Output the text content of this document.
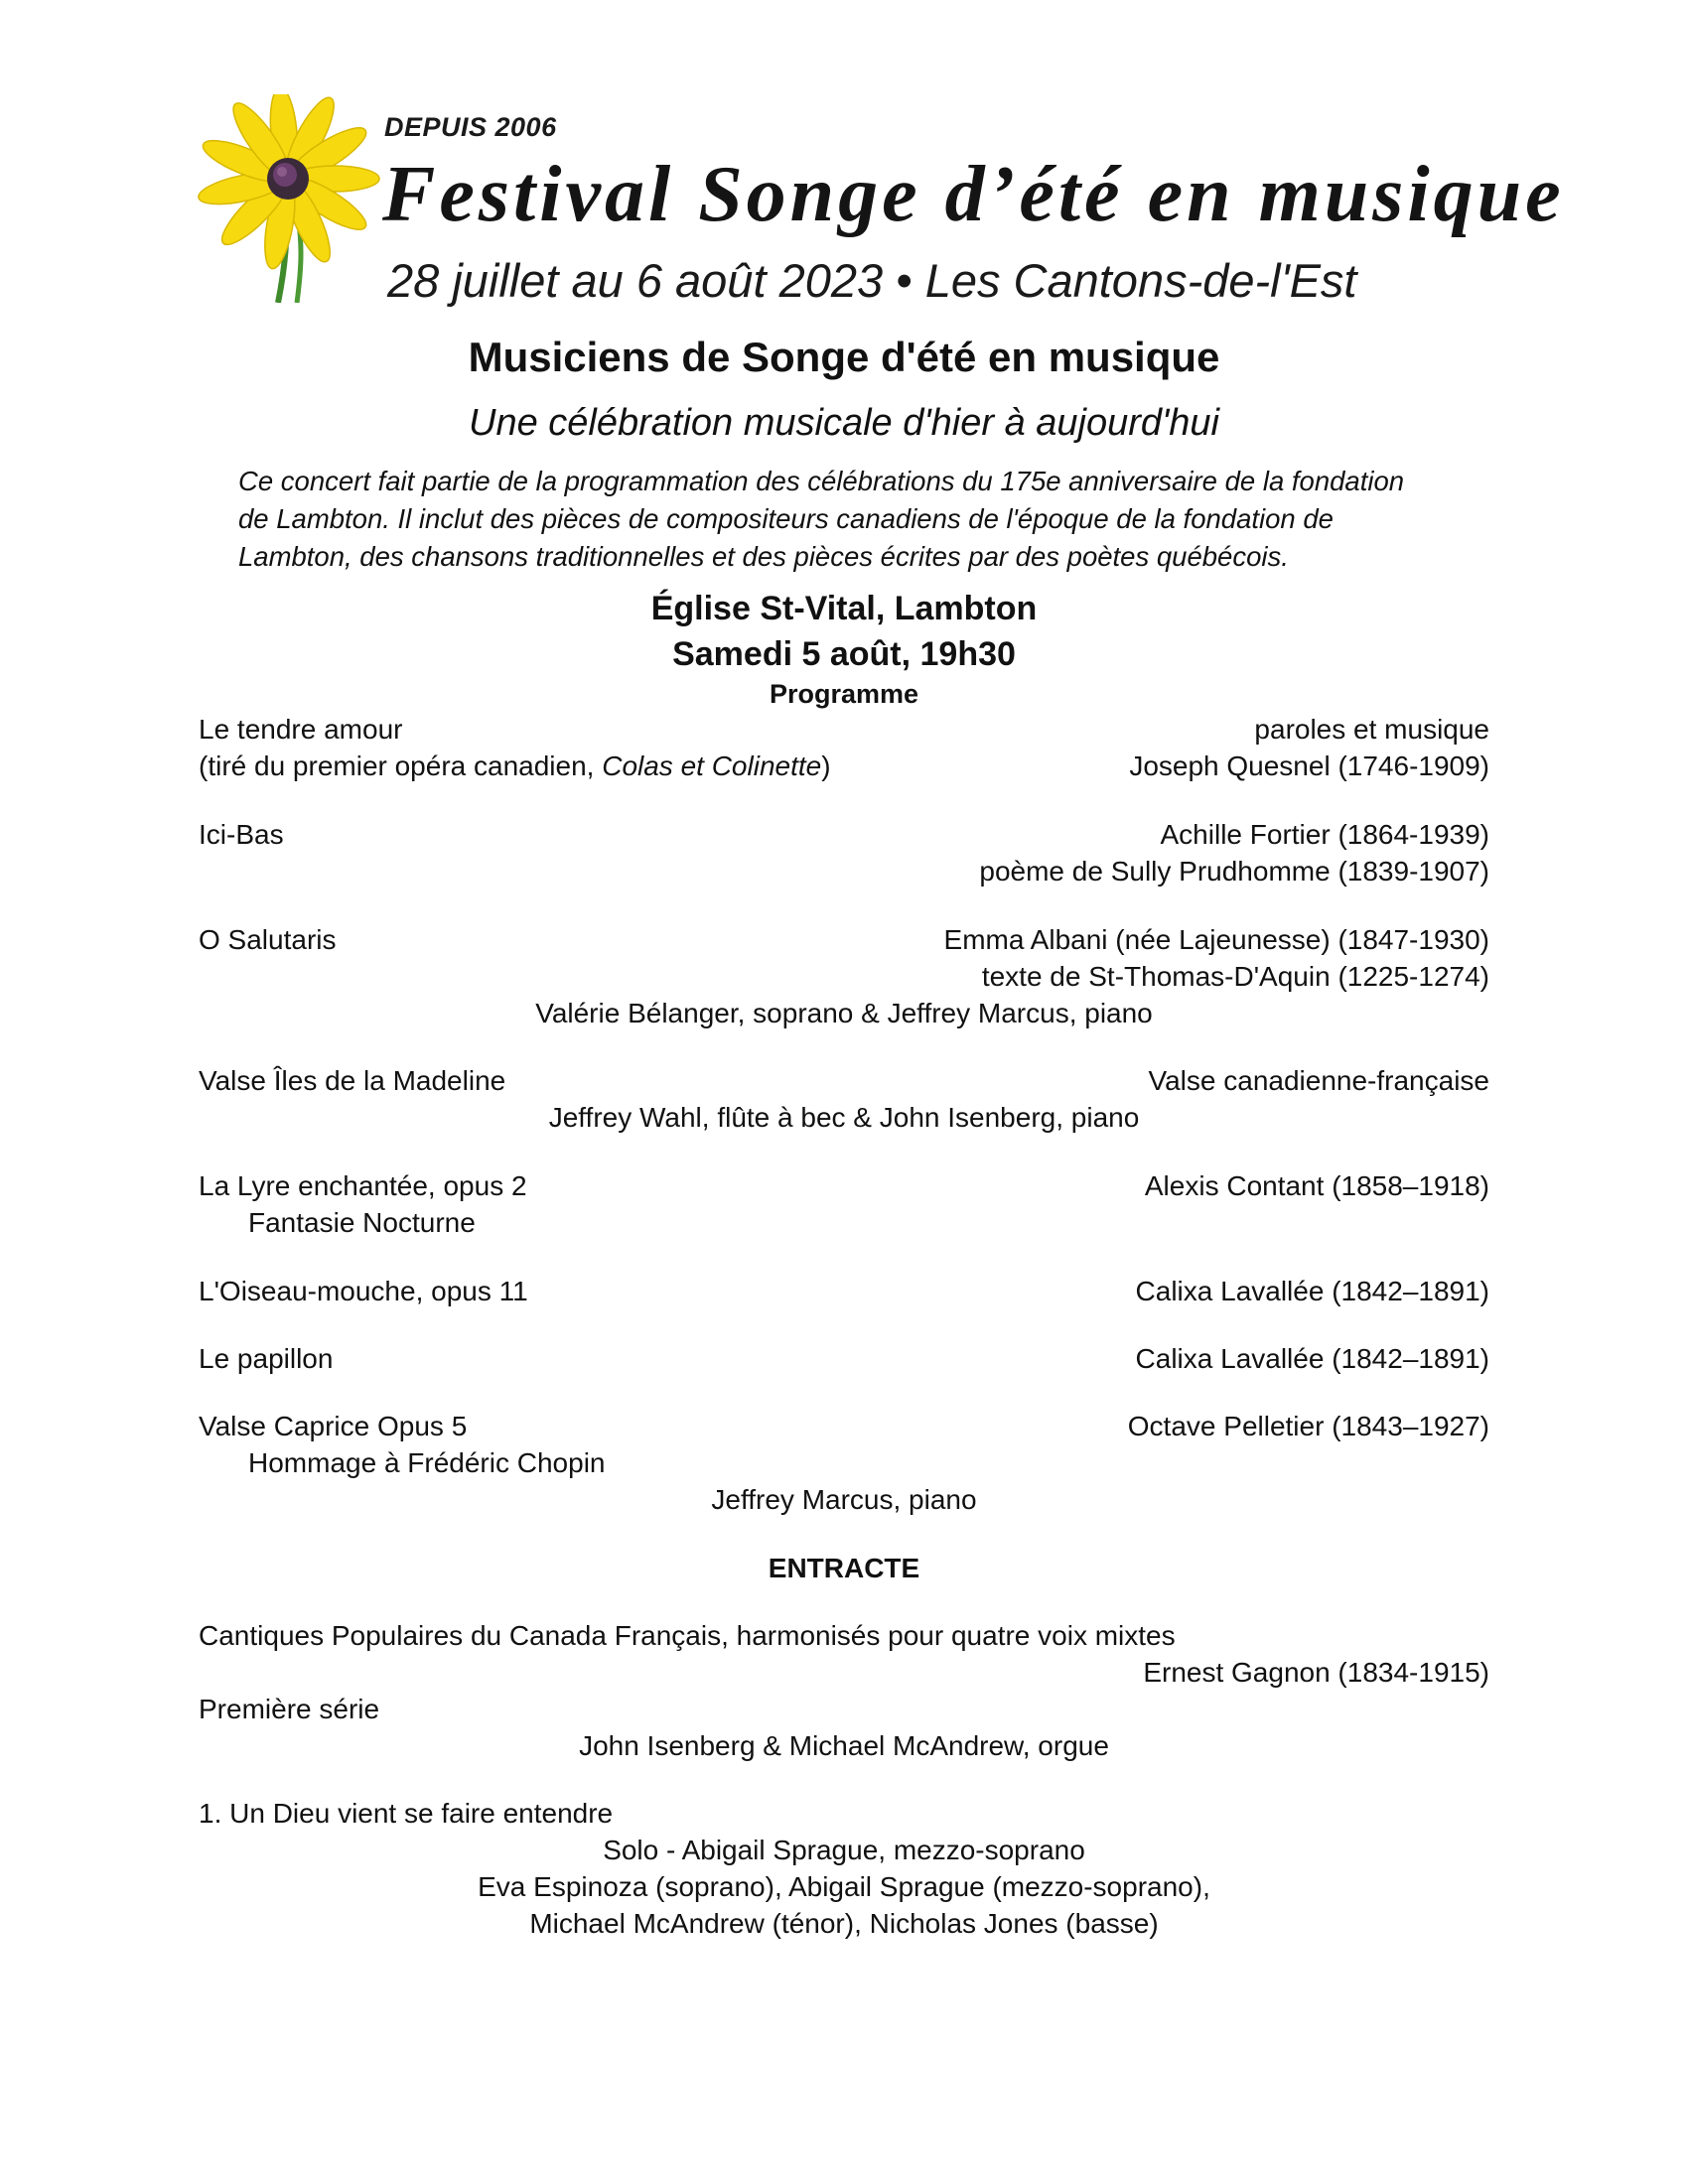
DEPUIS 2006
Festival Songe d’été en musique
28 juillet au 6 août 2023 • Les Cantons-de-l'Est
Musiciens de Songe d'été en musique
Une célébration musicale d'hier à aujourd'hui
Ce concert fait partie de la programmation des célébrations du 175e anniversaire de la fondation
de Lambton. Il inclut des pièces de compositeurs canadiens de l'époque de la fondation de
Lambton, des chansons traditionnelles et des pièces écrites par des poètes québécois.
Église St-Vital, Lambton
Samedi 5 août, 19h30
Programme
Le tendre amour	paroles et musique
(tiré du premier opéra canadien, Colas et Colinette)	Joseph Quesnel (1746-1909)
Ici-Bas	Achille Fortier (1864-1939)
poème de Sully Prudhomme (1839-1907)
O Salutaris	Emma Albani (née Lajeunesse) (1847-1930)
texte de St-Thomas-D'Aquin (1225-1274)
Valérie Bélanger, soprano & Jeffrey Marcus, piano
Valse Îles de la Madeline	Valse canadienne-française
Jeffrey Wahl, flûte à bec & John Isenberg, piano
La Lyre enchantée, opus 2	Alexis Contant (1858–1918)
Fantasie Nocturne
L'Oiseau-mouche, opus 11	Calixa Lavallée (1842–1891)
Le papillon	Calixa Lavallée (1842–1891)
Valse Caprice Opus 5	Octave Pelletier (1843–1927)
Hommage à Frédéric Chopin
Jeffrey Marcus, piano
ENTRACTE
Cantiques Populaires du Canada Français, harmonisés pour quatre voix mixtes
Ernest Gagnon (1834-1915)
Première série
John Isenberg & Michael McAndrew, orgue
1. Un Dieu vient se faire entendre
Solo - Abigail Sprague, mezzo-soprano
Eva Espinoza (soprano), Abigail Sprague (mezzo-soprano),
Michael McAndrew (ténor), Nicholas Jones (basse)
